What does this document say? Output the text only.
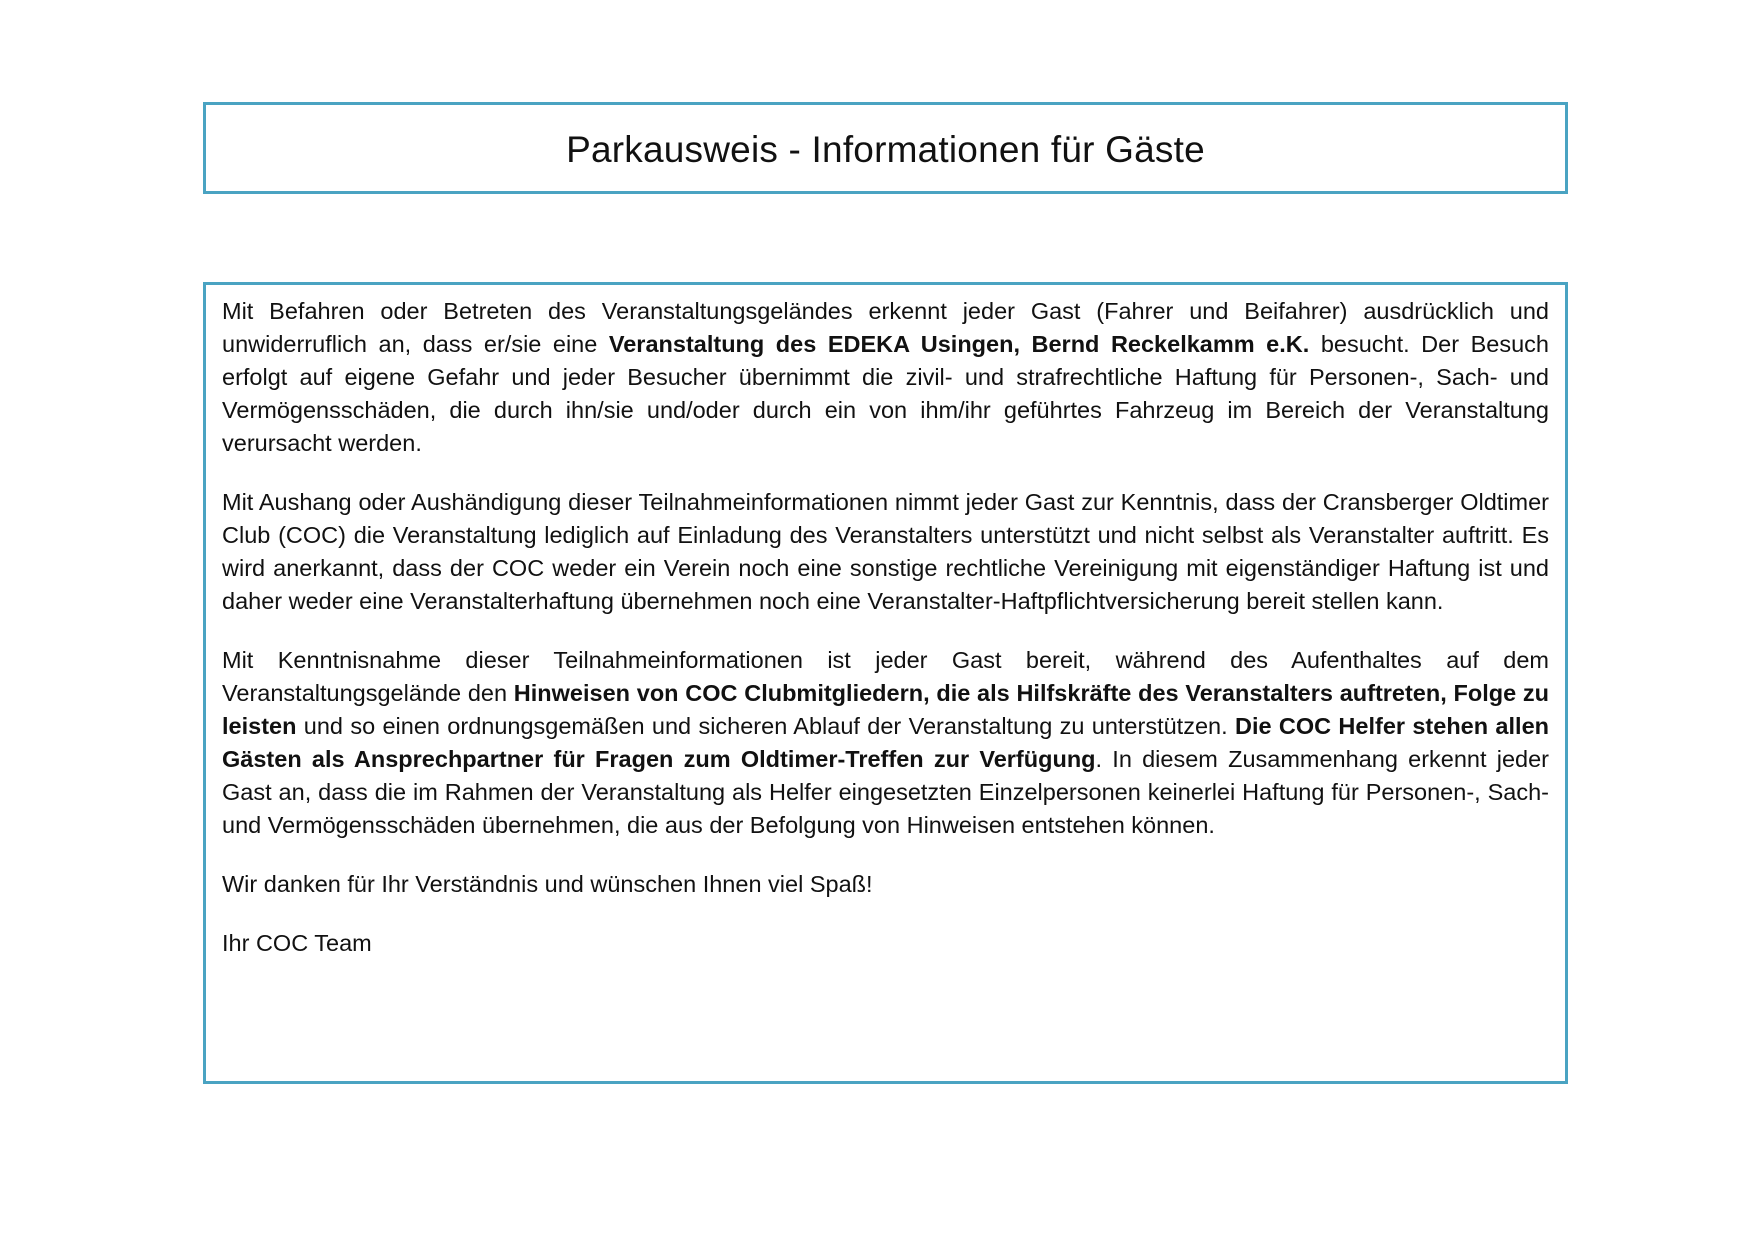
Parkausweis - Informationen für Gäste

Mit Befahren oder Betreten des Veranstaltungsgeländes erkennt jeder Gast (Fahrer und Beifahrer) ausdrücklich und unwiderruflich an, dass er/sie eine Veranstaltung des EDEKA Usingen, Bernd Reckelkamm e.K. besucht. Der Besuch erfolgt auf eigene Gefahr und jeder Besucher übernimmt die zivil- und strafrechtliche Haftung für Personen-, Sach- und Vermögensschäden, die durch ihn/sie und/oder durch ein von ihm/ihr geführtes Fahrzeug im Bereich der Veranstaltung verursacht werden.

Mit Aushang oder Aushändigung dieser Teilnahmeinformationen nimmt jeder Gast zur Kenntnis, dass der Cransberger Oldtimer Club (COC) die Veranstaltung lediglich auf Einladung des Veranstalters unterstützt und nicht selbst als Veranstalter auftritt. Es wird anerkannt, dass der COC weder ein Verein noch eine sonstige rechtliche Vereinigung mit eigenständiger Haftung ist und daher weder eine Veranstalterhaftung übernehmen noch eine Veranstalter-Haftpflichtversicherung bereit stellen kann.

Mit Kenntnisnahme dieser Teilnahmeinformationen ist jeder Gast bereit, während des Aufenthaltes auf dem Veranstaltungsgelände den Hinweisen von COC Clubmitgliedern, die als Hilfskräfte des Veranstalters auftreten, Folge zu leisten und so einen ordnungsgemäßen und sicheren Ablauf der Veranstaltung zu unterstützen. Die COC Helfer stehen allen Gästen als Ansprechpartner für Fragen zum Oldtimer-Treffen zur Verfügung. In diesem Zusammenhang erkennt jeder Gast an, dass die im Rahmen der Veranstaltung als Helfer eingesetzten Einzelpersonen keinerlei Haftung für Personen-, Sach- und Vermögensschäden übernehmen, die aus der Befolgung von Hinweisen entstehen können.

Wir danken für Ihr Verständnis und wünschen Ihnen viel Spaß!

Ihr COC Team
